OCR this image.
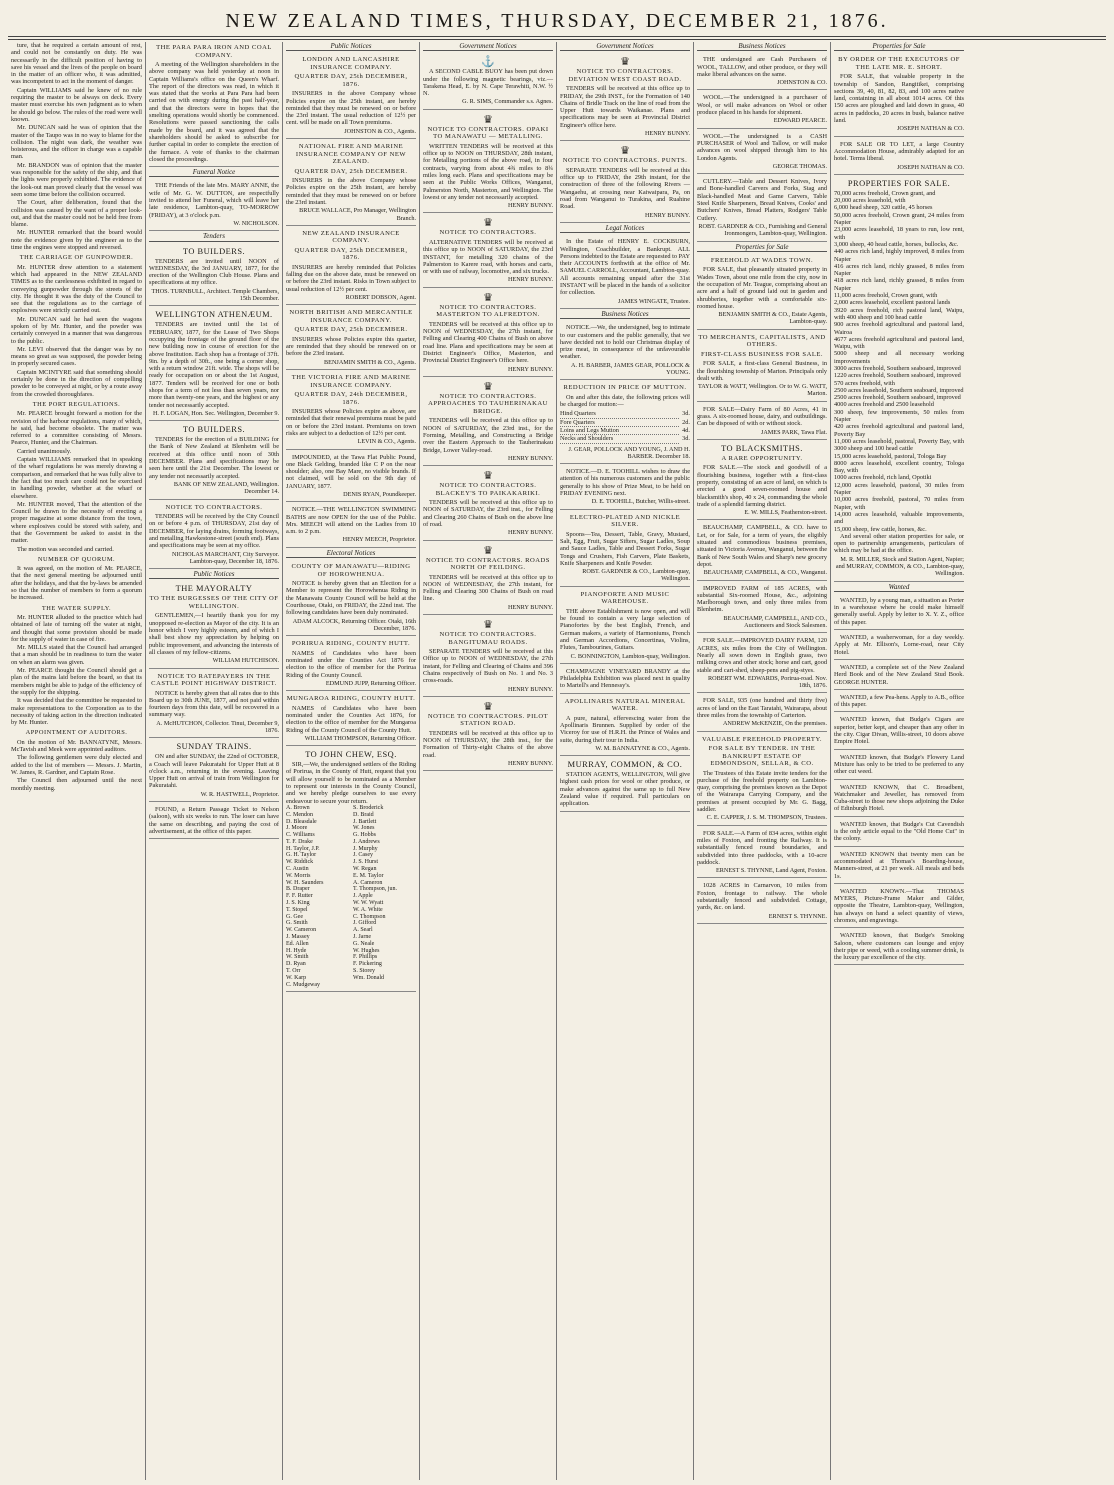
NEW ZEALAND TIMES, THURSDAY, DECEMBER 21, 1876.

ture, that he required a certain amount of rest, and could not be constantly on duty. He was necessarily in the difficult position of having to save his vessel and the lives of the people on board in the matter of an officer who, it was admitted, was incompetent to act in the moment of danger.

Captain WILLIAMS said he knew of no rule requiring the master to be always on deck. Every master must exercise his own judgment as to when he should go below. The rules of the road were well known.

Mr. DUNCAN said he was of opinion that the master of the Taupo was in no way to blame for the collision. The night was dark, the weather was boisterous, and the officer in charge was a capable man.

Mr. BRANDON was of opinion that the master was responsible for the safety of the ship, and that the lights were properly exhibited. The evidence of the look-out man proved clearly that the vessel was seen some time before the collision occurred.

The Court, after deliberation, found that the collision was caused by the want of a proper look-out, and that the master could not be held free from blame.

Mr. HUNTER remarked that the board would note the evidence given by the engineer as to the time the engines were stopped and reversed.

THE CARRIAGE OF GUNPOWDER.

Mr. HUNTER drew attention to a statement which had appeared in the NEW ZEALAND TIMES as to the carelessness exhibited in regard to conveying gunpowder through the streets of the city. He thought it was the duty of the Council to see that the regulations as to the carriage of explosives were strictly carried out.

Mr. DUNCAN said he had seen the wagons spoken of by Mr. Hunter, and the powder was certainly conveyed in a manner that was dangerous to the public.

Mr. LEVI observed that the danger was by no means so great as was supposed, the powder being in properly secured cases.

Captain MCINTYRE said that something should certainly be done in the direction of compelling powder to be conveyed at night, or by a route away from the crowded thoroughfares.

THE PORT REGULATIONS.

Mr. PEARCE brought forward a motion for the revision of the harbour regulations, many of which, he said, had become obsolete. The matter was referred to a committee consisting of Messrs. Pearce, Hunter, and the Chairman.

Carried unanimously.

Captain WILLIAMS remarked that in speaking of the wharf regulations he was merely drawing a comparison, and remarked that he was fully alive to the fact that too much care could not be exercised in handling powder, whether at the wharf or elsewhere.

Mr. HUNTER moved, That the attention of the Council be drawn to the necessity of erecting a proper magazine at some distance from the town, where explosives could be stored with safety, and that the Government be asked to assist in the matter.

The motion was seconded and carried.

NUMBER OF QUORUM.

It was agreed, on the motion of Mr. PEARCE, that the next general meeting be adjourned until after the holidays, and that the by-laws be amended so that the number of members to form a quorum be increased.

THE WATER SUPPLY.

Mr. HUNTER alluded to the practice which had obtained of late of turning off the water at night, and thought that some provision should be made for the supply of water in case of fire.

Mr. MILLS stated that the Council had arranged that a man should be in readiness to turn the water on when an alarm was given.

Mr. PEARCE thought the Council should get a plan of the mains laid before the board, so that its members might be able to judge of the efficiency of the supply for the shipping.

It was decided that the committee be requested to make representations to the Corporation as to the necessity of taking action in the direction indicated by Mr. Hunter.

APPOINTMENT OF AUDITORS.

On the motion of Mr. BANNATYNE, Messrs. McTavish and Meek were appointed auditors.

The following gentlemen were duly elected and added to the list of members — Messrs. J. Martin, W. James, R. Gardner, and Captain Rose.

The Council then adjourned until the next monthly meeting.

THE PARA PARA IRON AND COAL COMPANY.
A meeting of the Wellington shareholders in the above company was held yesterday at noon in Captain Williams's office on the Queen's Wharf. The report of the directors was read, in which it was stated that the works at Para Para had been carried on with energy during the past half-year, and that the directors were in hopes that the smelting operations would shortly be commenced. Resolutions were passed sanctioning the calls made by the board, and it was agreed that the shareholders should be asked to subscribe for further capital in order to complete the erection of the furnace. A vote of thanks to the chairman closed the proceedings.
Funeral Notice
THE Friends of the late Mrs. MARY ANNE, the wife of Mr. G. W. DUTTON, are respectfully invited to attend her Funeral, which will leave her late residence, Lambton-quay, TO-MORROW (FRIDAY), at 3 o'clock p.m.
W. NICHOLSON.
Tenders
TO BUILDERS.
TENDERS are invited until NOON of WEDNESDAY, the 3rd JANUARY, 1877, for the erection of the Wellington Club House. Plans and specifications at my office.
THOS. TURNBULL, Architect. Temple Chambers, 15th December.
WELLINGTON ATHENÆUM.
TENDERS are invited until the 1st of FEBRUARY, 1877, for the Lease of Two Shops occupying the frontage of the ground floor of the new building now in course of erection for the above Institution. Each shop has a frontage of 37ft. 9in. by a depth of 30ft., one being a corner shop, with a return window 21ft. wide. The shops will be ready for occupation on or about the 1st August, 1877. Tenders will be received for one or both shops for a term of not less than seven years, nor more than twenty-one years, and the highest or any tender not necessarily accepted.
H. F. LOGAN, Hon. Sec. Wellington, December 9.
TO BUILDERS.
TENDERS for the erection of a BUILDING for the Bank of New Zealand at Blenheim will be received at this office until noon of 30th DECEMBER. Plans and specifications may be seen here until the 21st December. The lowest or any tender not necessarily accepted.
BANK OF NEW ZEALAND, Wellington. December 14.
NOTICE TO CONTRACTORS.
TENDERS will be received by the City Council on or before 4 p.m. of THURSDAY, 21st day of DECEMBER, for laying drains, forming footways, and metalling Hawkestone-street (south end). Plans and specifications may be seen at my office.
NICHOLAS MARCHANT, City Surveyor. Lambton-quay, December 18, 1876.
Public Notices
THE MAYORALTY
TO THE BURGESSES OF THE CITY OF WELLINGTON.
GENTLEMEN,—I heartily thank you for my unopposed re-election as Mayor of the city. It is an honor which I very highly esteem, and of which I shall best show my appreciation by helping on public improvement, and advancing the interests of all classes of my fellow-citizens.
WILLIAM HUTCHISON.
NOTICE TO RATEPAYERS IN THE CASTLE POINT HIGHWAY DISTRICT.
NOTICE is hereby given that all rates due to this Board up to 30th JUNE, 1877, and not paid within fourteen days from this date, will be recovered in a summary way.
A. McHUTCHON, Collector. Tinui, December 9, 1876.
SUNDAY TRAINS.
ON and after SUNDAY, the 22nd of OCTOBER, a Coach will leave Pakuratahi for Upper Hutt at 8 o'clock a.m., returning in the evening. Leaving Upper Hutt on arrival of train from Wellington for Pakuratahi.
W. R. HASTWELL, Proprietor.
FOUND, a Return Passage Ticket to Nelson (saloon), with six weeks to run. The loser can have the same on describing, and paying the cost of advertisement, at the office of this paper.
Public Notices
LONDON AND LANCASHIRE INSURANCE COMPANY.
QUARTER DAY, 25th DECEMBER, 1876.
INSURERS in the above Company whose Policies expire on the 25th instant, are hereby reminded that they must be renewed on or before the 23rd instant. The usual reduction of 12½ per cent. will be made on all Town premiums.
JOHNSTON & CO., Agents.
NATIONAL FIRE AND MARINE INSURANCE COMPANY OF NEW ZEALAND.
QUARTER DAY, 25th DECEMBER.
INSURERS in the above Company whose Policies expire on the 25th instant, are hereby reminded that they must be renewed on or before the 23rd instant.
BRUCE WALLACE, Pro Manager, Wellington Branch.
NEW ZEALAND INSURANCE COMPANY.
QUARTER DAY, 25th DECEMBER, 1876.
INSURERS are hereby reminded that Policies falling due on the above date, must be renewed on or before the 23rd instant. Risks in Town subject to usual reduction of 12½ per cent.
ROBERT DOBSON, Agent.
NORTH BRITISH AND MERCANTILE INSURANCE COMPANY.
QUARTER DAY, 25th DECEMBER.
INSURERS whose Policies expire this quarter, are reminded that they should be renewed on or before the 23rd instant.
BENJAMIN SMITH & CO., Agents.
THE VICTORIA FIRE AND MARINE INSURANCE COMPANY.
QUARTER DAY, 24th DECEMBER, 1876.
INSURERS whose Policies expire as above, are reminded that their renewal premiums must be paid on or before the 23rd instant. Premiums on town risks are subject to a deduction of 12½ per cent.
LEVIN & CO., Agents.
IMPOUNDED, at the Tawa Flat Public Pound, one Black Gelding, branded like C P on the near shoulder; also, one Bay Mare, no visible brands. If not claimed, will be sold on the 9th day of JANUARY, 1877.
DENIS RYAN, Poundkeeper.
NOTICE.—THE WELLINGTON SWIMMING BATHS are now OPEN for the use of the Public. Mrs. MEECH will attend on the Ladies from 10 a.m. to 2 p.m.
HENRY MEECH, Proprietor.
Electoral Notices
COUNTY OF MANAWATU—RIDING OF HOROWHENUA.
NOTICE is hereby given that an Election for a Member to represent the Horowhenua Riding in the Manawatu County Council will be held at the Courthouse, Otaki, on FRIDAY, the 22nd inst. The following candidates have been duly nominated.
ADAM ALCOCK, Returning Officer. Otaki, 16th December, 1876.
PORIRUA RIDING, COUNTY HUTT.
NAMES of Candidates who have been nominated under the Counties Act 1876 for election to the office of member for the Porirua Riding of the County Council.
EDMUND JUPP, Returning Officer.
MUNGAROA RIDING, COUNTY HUTT.
NAMES of Candidates who have been nominated under the Counties Act 1876, for election to the office of member for the Mungaroa Riding of the County Council of the County Hutt.
WILLIAM THOMPSON, Returning Officer.
TO JOHN CHEW, ESQ.
SIR,—We, the undersigned settlers of the Riding of Porirua, in the County of Hutt, request that you will allow yourself to be nominated as a Member to represent our interests in the County Council, and we hereby pledge ourselves to use every endeavour to secure your return.
A. Brown	S. Broderick
C. Mendon	D. Braid
D. Bleasdale	J. Bartlett
J. Moore	W. Jones
C. Williams	G. Hobbs
T. F. Drake	J. Andrews
H. Taylor, J.P.	J. Murphy
G. H. Taylor	J. Casey
W. Riddick	J. S. Hurst
C. Austin	W. Regan
W. Morris	E. M. Taylor
W. H. Saunders	A. Cameron
B. Draper	T. Thompson, jun.
F. F. Rutter	J. Apple
J. S. King	W. W. Wyatt
T. Stopel	W. A. White
G. Gee	C. Thompson
G. Smith	J. Gifford
W. Cameron	A. Searl
J. Massey	J. Jarne
Ed. Allen	G. Neale
H. Hyde	W. Hughes
W. Smith	F. Phillips
D. Ryan	F. Pickering
T. Orr	S. Storey
W. Karp	Wm. Donald
C. Mudgeway
Government Notices
⚓
A SECOND CABLE BUOY has been put down under the following magnetic bearings, viz.— Tarakena Head, E. by N. Cape Terawhiti, N.W. ½ N.
G. R. SIMS, Commander s.s. Agnes.
♛
NOTICE TO CONTRACTORS. OPAKI TO MANAWATU — METALLING.
WRITTEN TENDERS will be received at this office up to NOON on THURSDAY, 28th instant, for Metalling portions of the above road, in four contracts, varying from about 4¾ miles to 8¾ miles long each. Plans and specifications may be seen at the Public Works Offices, Wanganui, Palmerston North, Masterton, and Wellington. The lowest or any tender not necessarily accepted.
HENRY BUNNY.
♛
NOTICE TO CONTRACTORS.
ALTERNATIVE TENDERS will be received at this office up to NOON of SATURDAY, the 23rd INSTANT, for metalling 320 chains of the Palmerston to Karere road, with horses and carts, or with use of railway, locomotive, and six trucks.
HENRY BUNNY.
♛
NOTICE TO CONTRACTORS. MASTERTON TO ALFREDTON.
TENDERS will be received at this office up to NOON of WEDNESDAY, the 27th instant, for Felling and Clearing 400 Chains of Bush on above road line. Plans and specifications may be seen at District Engineer's Office, Masterton, and Provincial District Engineer's Office here.
HENRY BUNNY.
♛
NOTICE TO CONTRACTORS. APPROACHES TO TAUHERINAKAU BRIDGE.
TENDERS will be received at this office up to NOON of SATURDAY, the 23rd inst., for the Forming, Metalling, and Constructing a Bridge over the Eastern Approach to the Tauherinakau Bridge, Lower Valley-road.
HENRY BUNNY.
♛
NOTICE TO CONTRACTORS. BLACKEY'S TO PAIKAKARIKI.
TENDERS will be received at this office up to NOON of SATURDAY, the 23rd inst., for Felling and Clearing 260 Chains of Bush on the above line of road.
HENRY BUNNY.
♛
NOTICE TO CONTRACTORS. ROADS NORTH OF FEILDING.
TENDERS will be received at this office up to NOON of WEDNESDAY, the 27th instant, for Felling and Clearing 300 Chains of Bush on road line.
HENRY BUNNY.
♛
NOTICE TO CONTRACTORS. BANGITUMAU ROADS.
SEPARATE TENDERS will be received at this Office up to NOON of WEDNESDAY, the 27th instant, for Felling and Clearing of Chains and 396 Chains respectively of Bush on No. 1 and No. 3 cross-roads.
HENRY BUNNY.
♛
NOTICE TO CONTRACTORS. PILOT STATION ROAD.
TENDERS will be received at this office up to NOON of THURSDAY, the 28th inst., for the Formation of Thirty-eight Chains of the above road.
HENRY BUNNY.
Government Notices
♛
NOTICE TO CONTRACTORS. DEVIATION WEST COAST ROAD.
TENDERS will be received at this office up to FRIDAY, the 29th INST., for the Formation of 140 Chains of Bridle Track on the line of road from the Upper Hutt towards Waikanae. Plans and specifications may be seen at Provincial District Engineer's office here.
HENRY BUNNY.
♛
NOTICE TO CONTRACTORS. PUNTS.
SEPARATE TENDERS will be received at this office up to FRIDAY, the 29th instant, for the construction of three of the following Rivers — Wangaehu, at crossing near Kaiwaipara, Pa, on road from Wanganui to Turakina, and Ruahine Road.
HENRY BUNNY.
Legal Notices
In the Estate of HENRY E. COCKBURN, Wellington, Coachbuilder, a Bankrupt. ALL Persons indebted to the Estate are requested to PAY their ACCOUNTS forthwith at the office of Mr. SAMUEL CARROLL, Accountant, Lambton-quay. All accounts remaining unpaid after the 31st INSTANT will be placed in the hands of a solicitor for collection.
JAMES WINGATE, Trustee.
Business Notices
NOTICE.—We, the undersigned, beg to intimate to our customers and the public generally, that we have decided not to hold our Christmas display of prize meat, in consequence of the unfavourable weather.
A. H. BARBER, JAMES GEAR, POLLOCK & YOUNG.
REDUCTION IN PRICE OF MUTTON.
On and after this date, the following prices will be charged for mutton:—
Hind Quarters	3d.
Fore Quarters	2d.
Loins and Legs Mutton	4d.
Necks and Shoulders	3d.
J. GEAR, POLLOCK AND YOUNG, J. AND H. BARBER. December 18.
NOTICE.—D. E. TOOHILL wishes to draw the attention of his numerous customers and the public generally to his show of Prize Meat, to be held on FRIDAY EVENING next.
D. E. TOOHILL, Butcher, Willis-street.
ELECTRO-PLATED AND NICKLE SILVER.
Spoons—Tea, Dessert, Table, Gravy, Mustard, Salt, Egg, Fruit, Sugar Sifters, Sugar Ladles, Soup and Sauce Ladles, Table and Dessert Forks, Sugar Tongs and Crushers, Fish Carvers, Plate Baskets, Knife Sharpeners and Knife Powder.
ROBT. GARDNER & CO., Lambton-quay, Wellington.
PIANOFORTE AND MUSIC WAREHOUSE.
THE above Establishment is now open, and will be found to contain a very large selection of Pianofortes by the best English, French, and German makers, a variety of Harmoniums, French and German Accordions, Concertinas, Violins, Flutes, Tambourines, Guitars.
C. BONNINGTON, Lambton-quay, Wellington.
CHAMPAGNE VINEYARD BRANDY at the Philadelphia Exhibition was placed next in quality to Martell's and Hennessy's.
APOLLINARIS NATURAL MINERAL WATER.
A pure, natural, effervescing water from the Apollinaris Brunnen. Supplied by order of the Viceroy for use of H.R.H. the Prince of Wales and suite, during their tour in India.
W. M. BANNATYNE & CO., Agents.
MURRAY, COMMON, & CO.
STATION AGENTS, WELLINGTON, Will give highest cash prices for wool or other produce, or make advances against the same up to full New Zealand value if required. Full particulars on application.
Business Notices
THE undersigned are Cash Purchasers of WOOL, TALLOW, and other produce, or they will make liberal advances on the same.
JOHNSTON & CO.
WOOL.—The undersigned is a purchaser of Wool, or will make advances on Wool or other produce placed in his hands for shipment.
EDWARD PEARCE.
WOOL.—The undersigned is a CASH PURCHASER of Wool and Tallow, or will make advances on wool shipped through him to his London Agents.
GEORGE THOMAS.
CUTLERY.—Table and Dessert Knives, Ivory and Bone-handled Carvers and Forks, Stag and Black-handled Meat and Game Carvers, Table Steel Knife Sharpeners, Bread Knives, Cooks' and Butchers' Knives, Bread Platters, Rodgers' Table Cutlery.
ROBT. GARDNER & CO., Furnishing and General Ironmongers, Lambton-quay, Wellington.
Properties for Sale
FREEHOLD AT WADES TOWN.
FOR SALE, that pleasantly situated property in Wades Town, about one mile from the city, now in the occupation of Mr. Teague, comprising about an acre and a half of ground laid out in garden and shrubberies, together with a comfortable six-roomed house.
BENJAMIN SMITH & CO., Estate Agents, Lambton-quay.
TO MERCHANTS, CAPITALISTS, AND OTHERS.
FIRST-CLASS BUSINESS FOR SALE.
FOR SALE, a first-class General Business, in the flourishing township of Marton. Principals only dealt with.
TAYLOR & WATT, Wellington. Or to W. G. WATT, Marton.
FOR SALE—Dairy Farm of 80 Acres, 41 in grass. A six-roomed house, dairy, and outbuildings. Can be disposed of with or without stock.
JAMES PARK, Tawa Flat.
TO BLACKSMITHS.
A RARE OPPORTUNITY.
FOR SALE.—The stock and goodwill of a flourishing business, together with a first-class property, consisting of an acre of land, on which is erected a good seven-roomed house and blacksmith's shop, 40 x 24, commanding the whole trade of a splendid farming district.
E. W. MILLS, Featherston-street.
BEAUCHAMP, CAMPBELL, & CO. have to Let, or for Sale, for a term of years, the eligibly situated and commodious business premises, situated in Victoria Avenue, Wanganui, between the Bank of New South Wales and Sharp's new grocery depot.
BEAUCHAMP, CAMPBELL, & CO., Wanganui.
IMPROVED FARM of 185 ACRES, with substantial Six-roomed House, &c., adjoining Marlborough town, and only three miles from Blenheim.
BEAUCHAMP, CAMPBELL, AND CO., Auctioneers and Stock Salesmen.
FOR SALE.—IMPROVED DAIRY FARM, 120 ACRES, six miles from the City of Wellington. Nearly all sown down in English grass, two milking cows and other stock; horse and cart, good stable and cart-shed, sheep-pens and pig-styes.
ROBERT WM. EDWARDS, Porirua-road. Nov. 18th, 1876.
FOR SALE, 935 (one hundred and thirty five) acres of land on the East Taratahi, Wairarapa, about three miles from the township of Carterton.
ANDREW McKENZIE, On the premises.
VALUABLE FREEHOLD PROPERTY.
FOR SALE BY TENDER. IN THE BANKRUPT ESTATE OF EDMONDSON, SELLAR, & CO.
The Trustees of this Estate invite tenders for the purchase of the freehold property on Lambton-quay, comprising the premises known as the Depot of the Wairarapa Carrying Company, and the premises at present occupied by Mr. G. Bagg, saddler.
C. E. CAPPER, J. S. M. THOMPSON, Trustees.
FOR SALE.—A Farm of 834 acres, within eight miles of Foxton, and fronting the Railway. It is substantially fenced round boundaries, and subdivided into three paddocks, with a 10-acre paddock.
ERNEST S. THYNNE, Land Agent, Foxton.
1028 ACRES in Carnarvon, 10 miles from Foxton, frontage to railway. The whole substantially fenced and subdivided. Cottage, yards, &c. on land.
ERNEST S. THYNNE.
Properties for Sale
BY ORDER OF THE EXECUTORS OF THE LATE MR. E. SHORT.
FOR SALE, that valuable property in the township of Sandon, Rangitikei, comprising sections 39, 40, 81, 82, 83, and 100 acres native land, containing in all about 1014 acres. Of this 150 acres are ploughed and laid down in grass, 40 acres in paddocks, 20 acres in bush, balance native land.
JOSEPH NATHAN & CO.
FOR SALE OR TO LET, a large Country Accommodation House, admirably adapted for an hotel. Terms liberal.
JOSEPH NATHAN & CO.
PROPERTIES FOR SALE.
70,000 acres freehold, Crown grant, and
20,000 acres leasehold, with
6,000 head sheep, 320 cattle, 45 horses
50,000 acres freehold, Crown grant, 24 miles from Napier
23,000 acres leasehold, 18 years to run, low rent, with
3,000 sheep, 40 head cattle, horses, bullocks, &c.
440 acres rich land, highly improved, 8 miles from Napier
416 acres rich land, richly grassed, 8 miles from Napier
418 acres rich land, richly grassed, 8 miles from Napier
11,000 acres freehold, Crown grant, with
2,000 acres leasehold, excellent pastoral lands
3920 acres freehold, rich pastoral land, Waipu, with 400 sheep and 100 head cattle
900 acres freehold agricultural and pastoral land, Wairoa
4677 acres freehold agricultural and pastoral land, Waipu, with
5000 sheep and all necessary working improvements
3000 acres freehold, Southern seaboard, improved
1220 acres freehold, Southern seaboard, improved
570 acres freehold, with
2500 acres leasehold, Southern seaboard, improved
2500 acres freehold, Southern seaboard, improved
4000 acres freehold and 2500 leasehold
300 sheep, few improvements, 50 miles from Napier
420 acres freehold agricultural and pastoral land, Poverty Bay
11,000 acres leasehold, pastoral, Poverty Bay, with 3000 sheep and 100 head cattle
15,000 acres leasehold, pastoral, Tologa Bay
8000 acres leasehold, excellent country, Tologa Bay, with
1000 acres freehold, rich land, Opotiki
12,000 acres leasehold, pastoral, 30 miles from Napier
10,000 acres freehold, pastoral, 70 miles from Napier, with
14,000 acres leasehold, valuable improvements, and
15,000 sheep, few cattle, horses, &c.
And several other station properties for sale, or open to partnership arrangements, particulars of which may be had at the office.
M. R. MILLER, Stock and Station Agent, Napier; and MURRAY, COMMON, & CO., Lambton-quay, Wellington.
Wanted
WANTED, by a young man, a situation as Porter in a warehouse where he could make himself generally useful. Apply by letter to X. Y. Z., office of this paper.
WANTED, a washerwoman, for a day weekly. Apply at Mr. Ellison's, Lorne-road, near City Hotel.
WANTED, a complete set of the New Zealand Herd Book and of the New Zealand Stud Book. GEORGE HUNTER.
WANTED, a few Pea-hens. Apply to A.B., office of this paper.
WANTED known, that Budge's Cigars are superior, better kept, and cheaper than any other in the city. Cigar Divan, Willis-street, 10 doors above Empire Hotel.
WANTED known, that Budge's Flowery Land Mixture has only to be tried to be preferred to any other cut weed.
WANTED KNOWN, that C. Broadbent, Watchmaker and Jeweller, has removed from Cuba-street to those new shops adjoining the Duke of Edinburgh Hotel.
WANTED known, that Budge's Cut Cavendish is the only article equal to the "Old Home Cut" in the colony.
WANTED KNOWN that twenty men can be accommodated at Thomas's Boarding-house, Manners-street, at 21 per week. All meals and beds 1s.
WANTED KNOWN.—That THOMAS MYERS, Picture-Frame Maker and Gilder, opposite the Theatre, Lambton-quay, Wellington, has always on hand a select quantity of views, chromos, and engravings.
WANTED known, that Budge's Smoking Saloon, where customers can lounge and enjoy their pipe or weed, with a cooling summer drink, is the luxury par excellence of the city.
